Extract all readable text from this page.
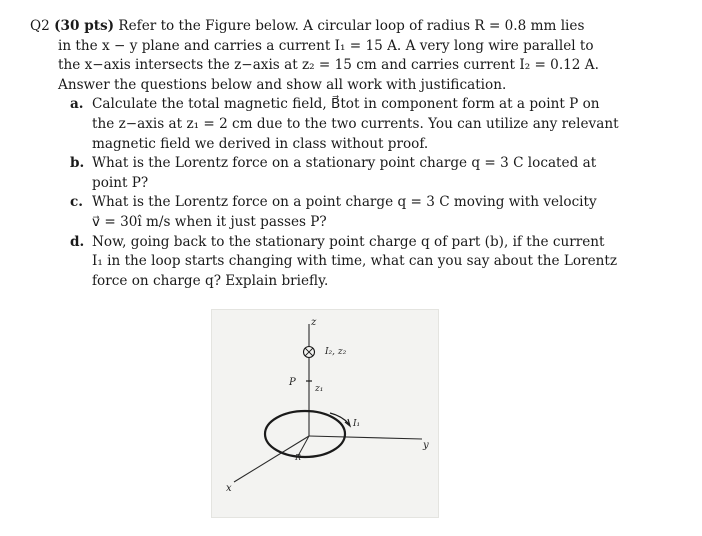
Q2 (30 pts) Refer to the Figure below. A circular loop of radius R = 0.8 mm lies
in the x − y plane and carries a current I₁ = 15 A. A very long wire parallel to
the x−axis intersects the z−axis at z₂ = 15 cm and carries current I₂ = 0.12 A.
Answer the questions below and show all work with justification.
a. Calculate the total magnetic field, B⃗tot in component form at a point P on
the z−axis at z₁ = 2 cm due to the two currents. You can utilize any relevant
magnetic field we derived in class without proof.
b. What is the Lorentz force on a stationary point charge q = 3 C located at
point P?
c. What is the Lorentz force on a point charge q = 3 C moving with velocity
v⃗ = 30î m/s when it just passes P?
d. Now, going back to the stationary point charge q of part (b), if the current
I₁ in the loop starts changing with time, what can you say about the Lorentz
force on charge q? Explain briefly.
z
y
x
I₂, z₂
P
z₁
I₁
R
